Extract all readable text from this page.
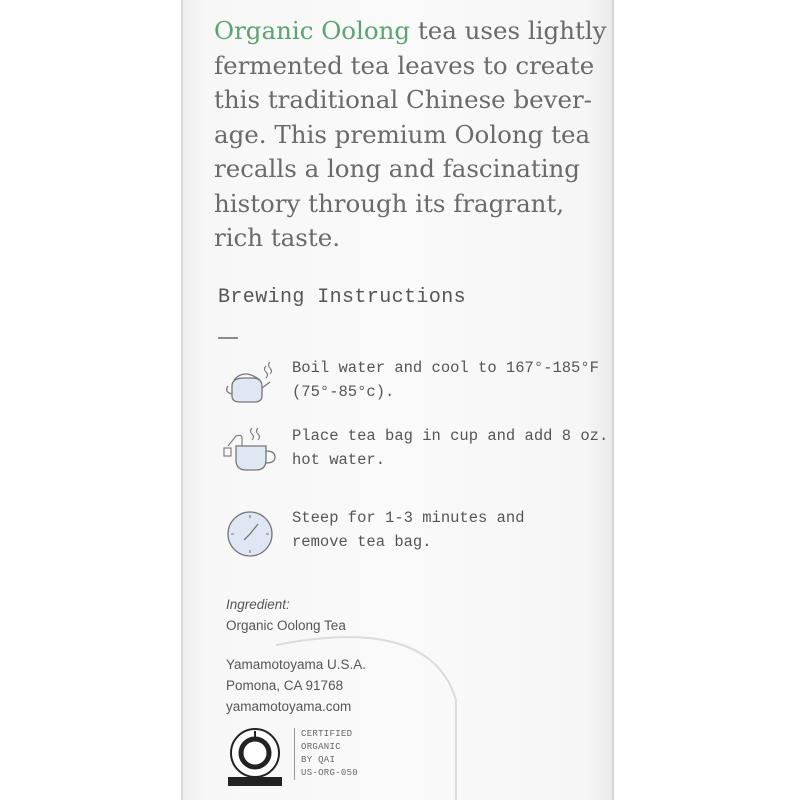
Organic Oolong tea uses lightly
fermented tea leaves to create
this traditional Chinese bever-
age. This premium Oolong tea
recalls a long and fascinating
history through its fragrant,
rich taste.

Brewing Instructions
Boil water and cool to 167°-185°F
(75°-85°c).
Place tea bag in cup and add 8 oz.
hot water.
Steep for 1-3 minutes and
remove tea bag.
Ingredient:
Organic Oolong Tea
Yamamotoyama U.S.A.
Pomona, CA 91768
yamamotoyama.com
CERTIFIED
ORGANIC
BY QAI
US-ORG-050
